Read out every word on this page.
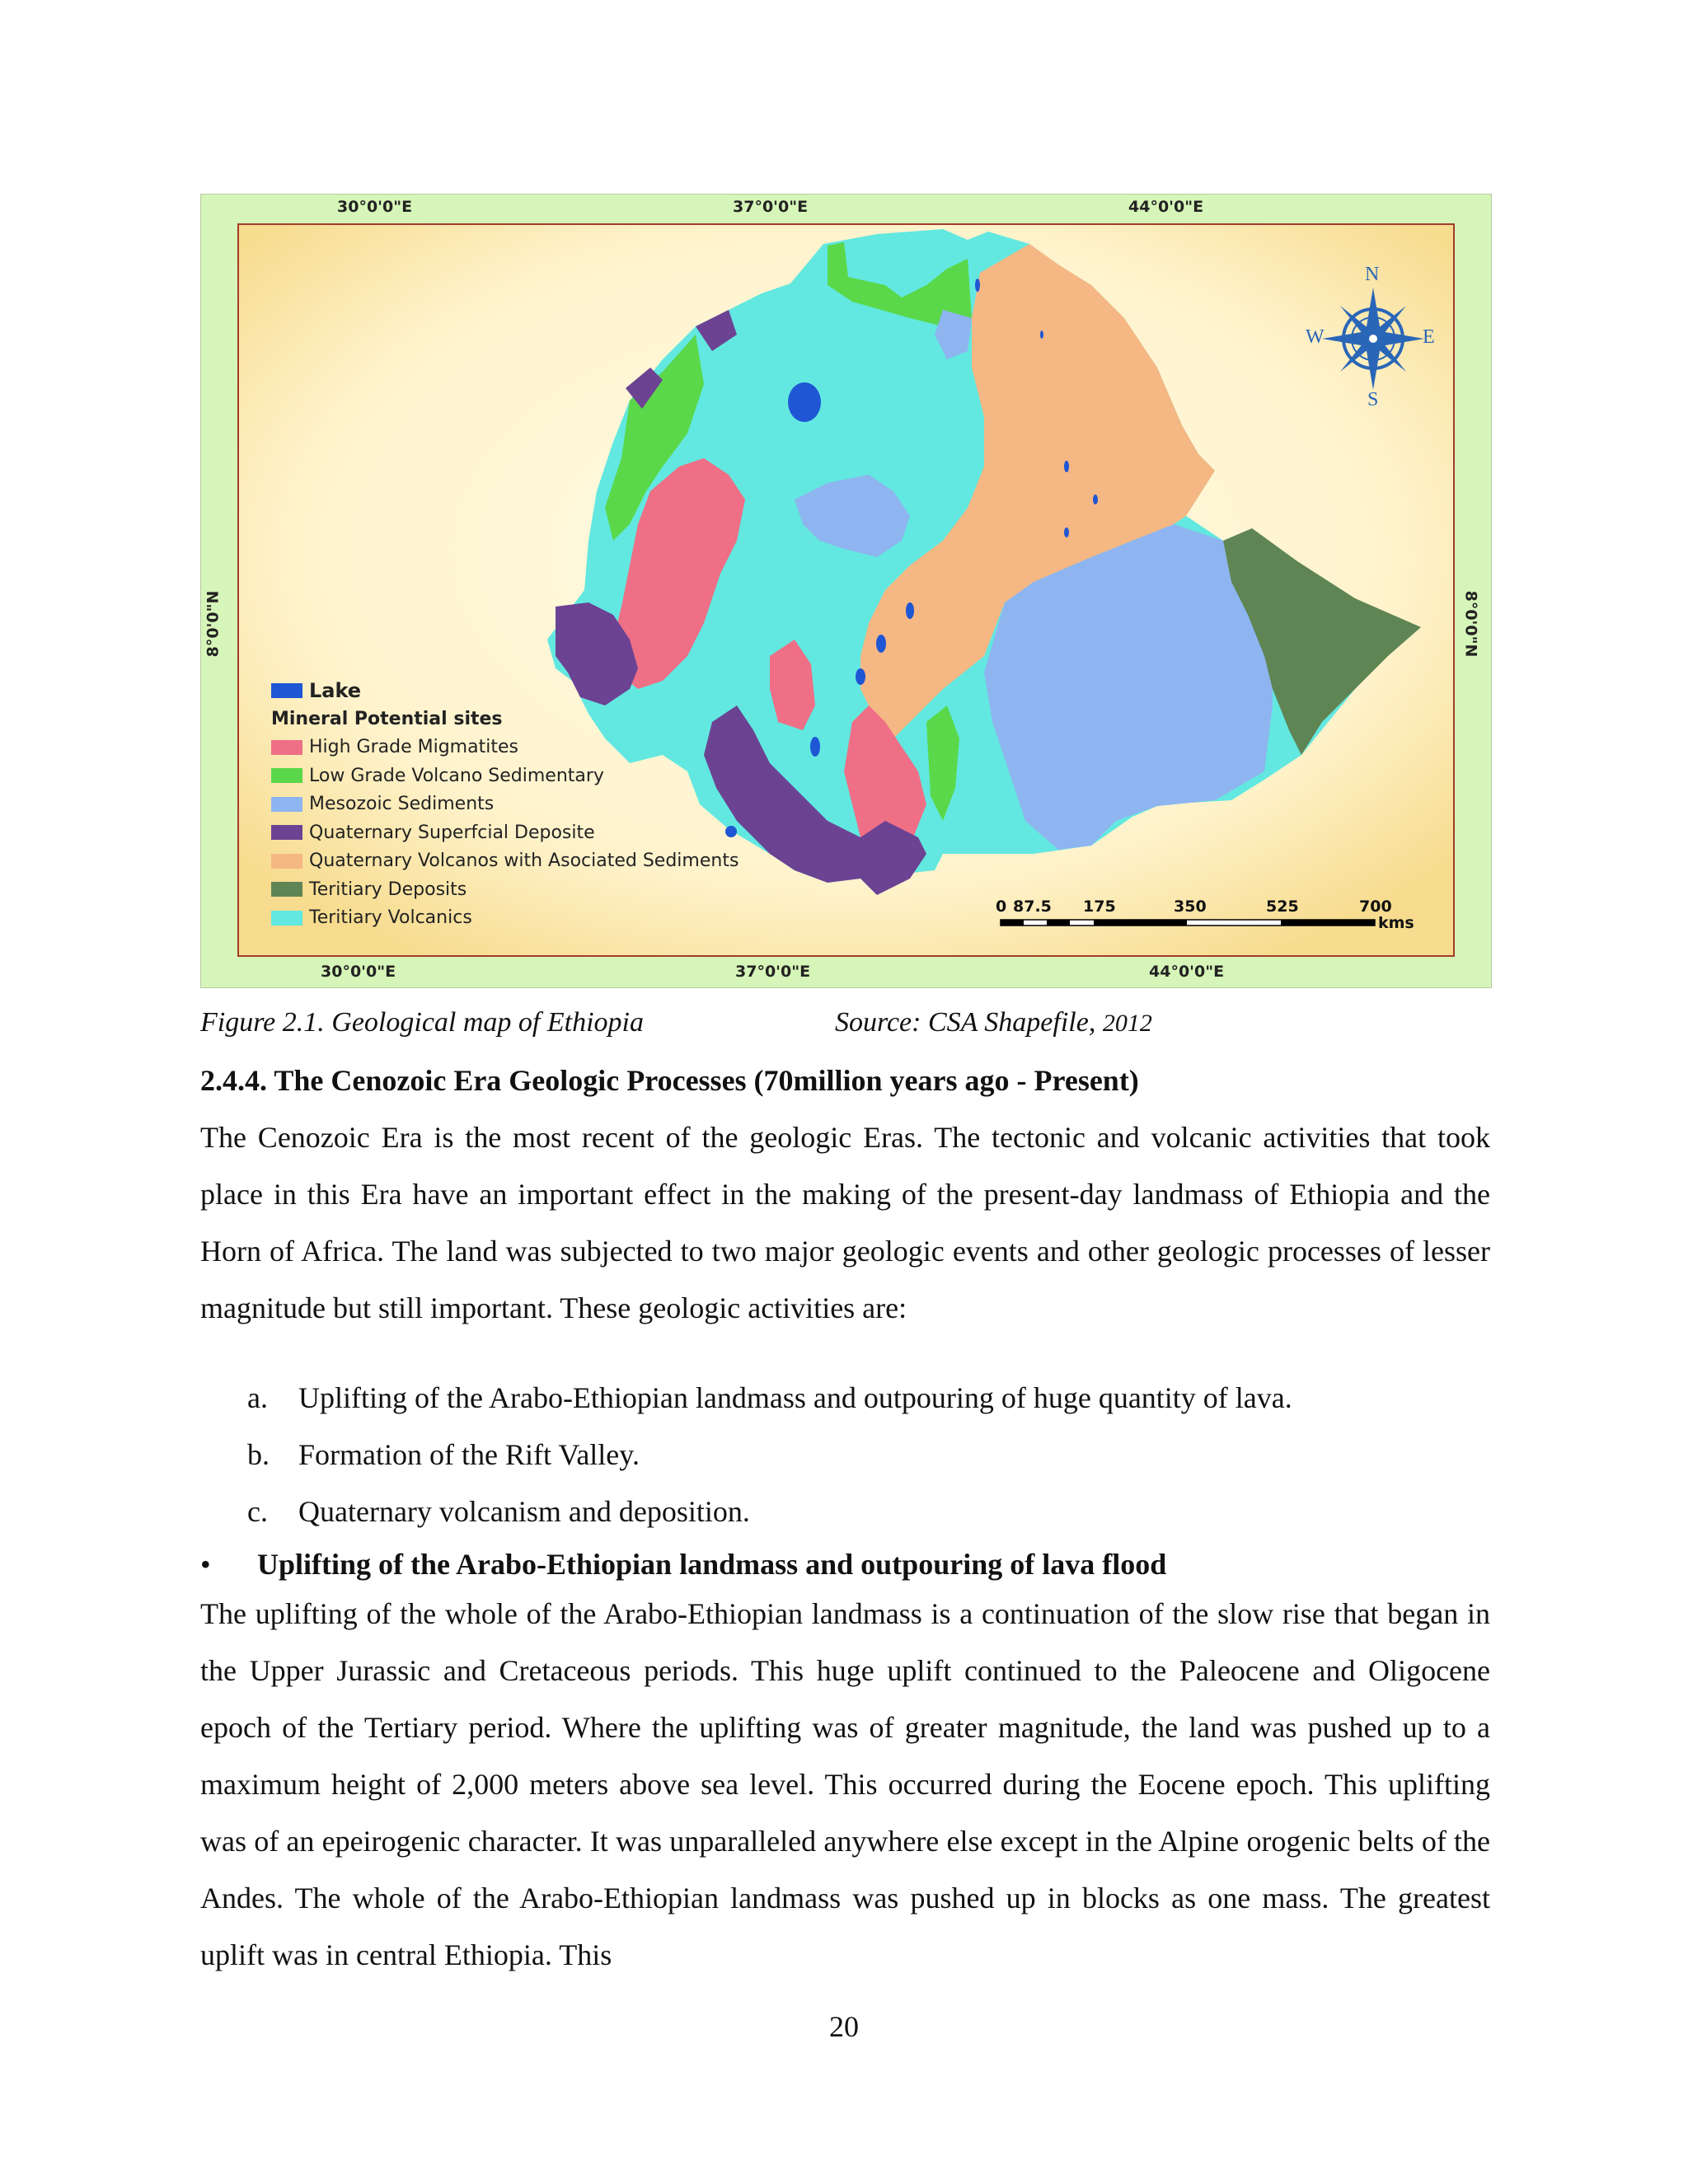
30°0'0"E	37°0'0"E	44°0'0"E
30°0'0"E	37°0'0"E	44°0'0"E
8°0'0"N	8°0'0"N
N
S
E
W
0 87.5 175	350	525	700
kms
Lake
Mineral Potential sites
High Grade Migmatites
Low Grade Volcano Sedimentary
Mesozoic Sediments
Quaternary Superfcial Deposite
Quaternary Volcanos with Asociated Sediments
Teritiary Deposits
Teritiary Volcanics
Figure 2.1. Geological map of Ethiopia	Source: CSA Shapefile, 2012
2.4.4. The Cenozoic Era Geologic Processes (70million years ago - Present)

The Cenozoic Era is the most recent of the geologic Eras. The tectonic and volcanic activities that took place in this Era have an important effect in the making of the present-day landmass of Ethiopia and the Horn of Africa. The land was subjected to two major geologic events and other geologic processes of lesser magnitude but still important. These geologic activities are:

a.	Uplifting of the Arabo-Ethiopian landmass and outpouring of huge quantity of lava.
b. Formation of the Rift Valley.
c.	Quaternary volcanism and deposition.
• Uplifting of the Arabo-Ethiopian landmass and outpouring of lava flood

The uplifting of the whole of the Arabo-Ethiopian landmass is a continuation of the slow rise that began in the Upper Jurassic and Cretaceous periods. This huge uplift continued to the Paleocene and Oligocene epoch of the Tertiary period. Where the uplifting was of greater magnitude, the land was pushed up to a maximum height of 2,000 meters above sea level. This occurred during the Eocene epoch. This uplifting was of an epeirogenic character. It was unparalleled anywhere else except in the Alpine orogenic belts of the Andes. The whole of the Arabo-Ethiopian landmass was pushed up in blocks as one mass. The greatest uplift was in central Ethiopia. This

20
